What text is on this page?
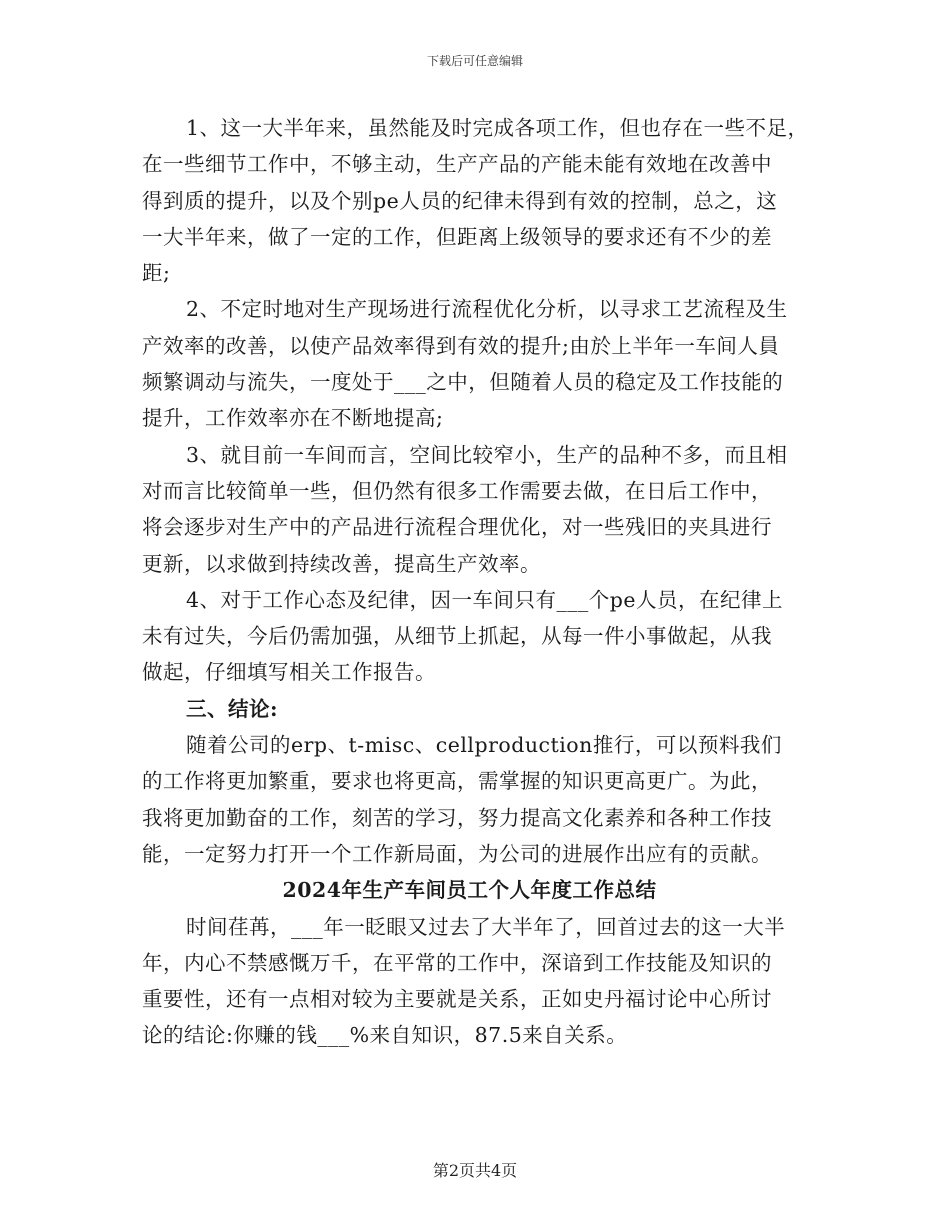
下载后可任意编辑
1、这一大半年来，虽然能及时完成各项工作，但也存在一些不足，
在一些细节工作中，不够主动，生产产品的产能未能有效地在改善中
得到质的提升，以及个别pe人员的纪律未得到有效的控制，总之，这
一大半年来，做了一定的工作，但距离上级领导的要求还有不少的差
距;
2、不定时地对生产现场进行流程优化分析，以寻求工艺流程及生
产效率的改善，以使产品效率得到有效的提升;由於上半年一车间人員
频繁调动与流失，一度处于___之中，但随着人员的稳定及工作技能的
提升，工作效率亦在不断地提高;
3、就目前一车间而言，空间比较窄小，生产的品种不多，而且相
对而言比较简单一些，但仍然有很多工作需要去做，在日后工作中，
将会逐步对生产中的产品进行流程合理优化，对一些残旧的夹具进行
更新，以求做到持续改善，提高生产效率。
4、对于工作心态及纪律，因一车间只有___个pe人员，在纪律上
未有过失，今后仍需加强，从细节上抓起，从每一件小事做起，从我
做起，仔细填写相关工作报告。
三、结论:
随着公司的erp、t-misc、cellproduction推行，可以预料我们
的工作将更加繁重，要求也将更高，需掌握的知识更高更广。为此，
我将更加勤奋的工作，刻苦的学习，努力提高文化素养和各种工作技
能，一定努力打开一个工作新局面，为公司的进展作出应有的贡献。
2024年生产车间员工个人年度工作总结
时间荏苒，___年一眨眼又过去了大半年了，回首过去的这一大半
年，内心不禁感慨万千，在平常的工作中，深谙到工作技能及知识的
重要性，还有一点相对较为主要就是关系，正如史丹福讨论中心所讨
论的结论:你赚的钱___%来自知识，87.5来自关系。
第2页共4页
